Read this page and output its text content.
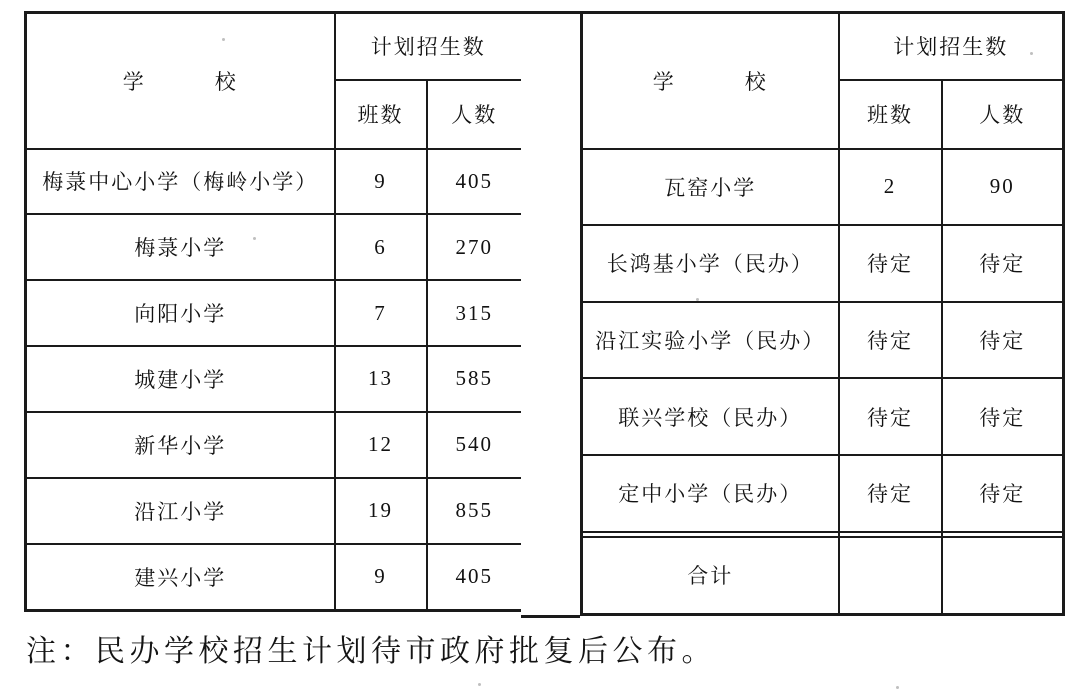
学　　　校	计划招生数	
	班数	人数
梅菉中心小学（梅岭小学）	9	405
梅菉小学	6	270
向阳小学	7	315
城建小学	13	585
新华小学	12	540
沿江小学	19	855
建兴小学	9	405
学　　　校	计划招生数	
	班数	人数
瓦窑小学	2	90
长鸿基小学（民办）	待定	待定
沿江实验小学（民办）	待定	待定
联兴学校（民办）	待定	待定
定中小学（民办）	待定	待定

合计		
注：民办学校招生计划待市政府批复后公布。
